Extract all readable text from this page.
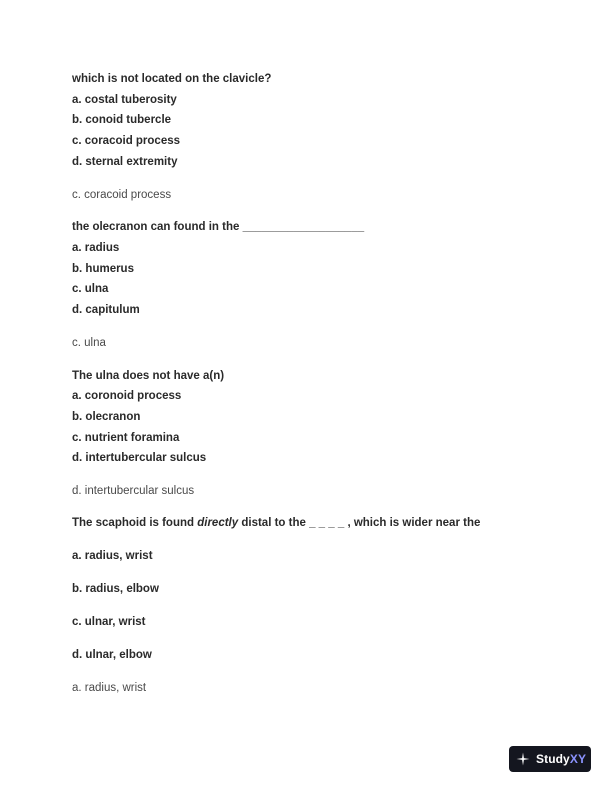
which is not located on the clavicle?
a. costal tuberosity
b. conoid tubercle
c. coracoid process
d. sternal extremity
c. coracoid process
the olecranon can found in the ___________________
a. radius
b. humerus
c. ulna
d. capitulum
c. ulna
The ulna does not have a(n)
a. coronoid process
b. olecranon
c. nutrient foramina
d. intertubercular sulcus
d. intertubercular sulcus
The scaphoid is found directly distal to the _ _ _ _ , which is wider near the
a. radius, wrist
b. radius, elbow
c. ulnar, wrist
d. ulnar, elbow
a. radius, wrist
StudyXY
